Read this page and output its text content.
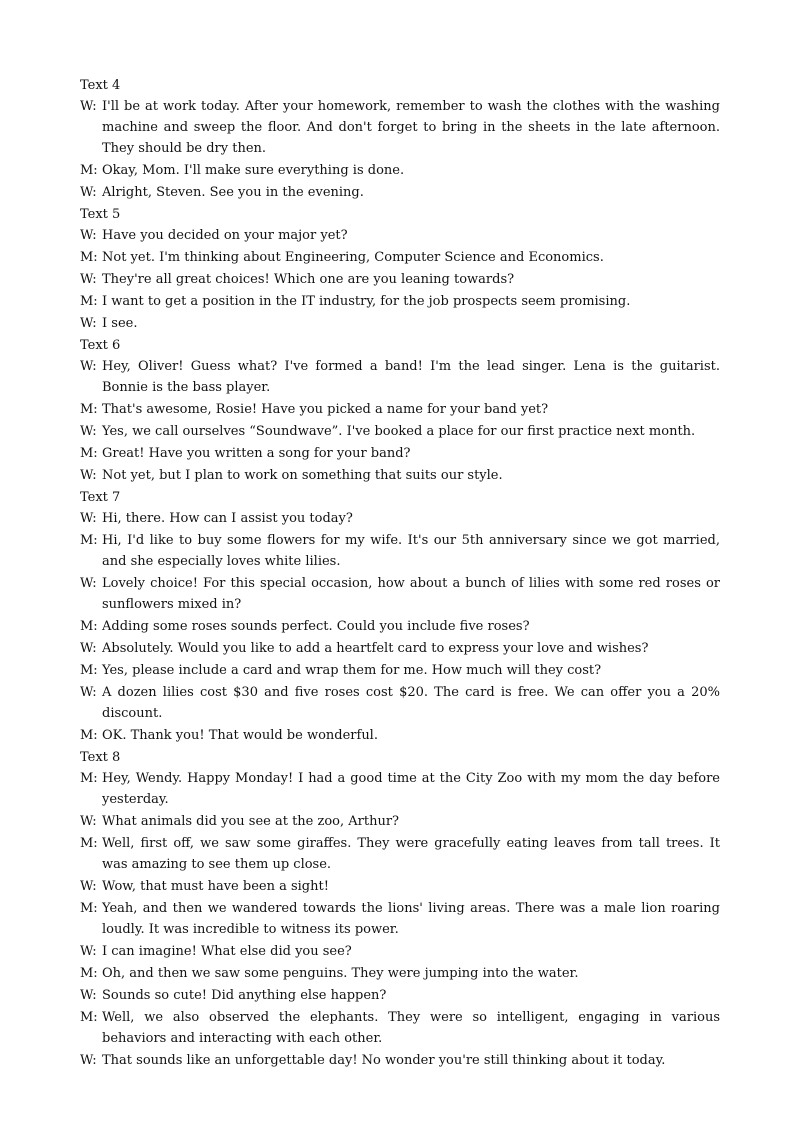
Text 4
W: I'll be at work today. After your homework, remember to wash the clothes with the washing machine and sweep the floor. And don't forget to bring in the sheets in the late afternoon. They should be dry then.
M: Okay, Mom. I'll make sure everything is done.
W: Alright, Steven. See you in the evening.
Text 5
W: Have you decided on your major yet?
M: Not yet. I'm thinking about Engineering, Computer Science and Economics.
W: They're all great choices! Which one are you leaning towards?
M: I want to get a position in the IT industry, for the job prospects seem promising.
W: I see.
Text 6
W: Hey, Oliver! Guess what? I've formed a band! I'm the lead singer. Lena is the guitarist. Bonnie is the bass player.
M: That's awesome, Rosie! Have you picked a name for your band yet?
W: Yes, we call ourselves “Soundwave”. I've booked a place for our first practice next month.
M: Great! Have you written a song for your band?
W: Not yet, but I plan to work on something that suits our style.
Text 7
W: Hi, there. How can I assist you today?
M: Hi, I'd like to buy some flowers for my wife. It's our 5th anniversary since we got married, and she especially loves white lilies.
W: Lovely choice! For this special occasion, how about a bunch of lilies with some red roses or sunflowers mixed in?
M: Adding some roses sounds perfect. Could you include five roses?
W: Absolutely. Would you like to add a heartfelt card to express your love and wishes?
M: Yes, please include a card and wrap them for me. How much will they cost?
W: A dozen lilies cost $30 and five roses cost $20. The card is free. We can offer you a 20% discount.
M: OK. Thank you! That would be wonderful.
Text 8
M: Hey, Wendy. Happy Monday! I had a good time at the City Zoo with my mom the day before yesterday.
W: What animals did you see at the zoo, Arthur?
M: Well, first off, we saw some giraffes. They were gracefully eating leaves from tall trees. It was amazing to see them up close.
W: Wow, that must have been a sight!
M: Yeah, and then we wandered towards the lions' living areas. There was a male lion roaring loudly. It was incredible to witness its power.
W: I can imagine! What else did you see?
M: Oh, and then we saw some penguins. They were jumping into the water.
W: Sounds so cute! Did anything else happen?
M: Well, we also observed the elephants. They were so intelligent, engaging in various behaviors and interacting with each other.
W: That sounds like an unforgettable day! No wonder you're still thinking about it today.
